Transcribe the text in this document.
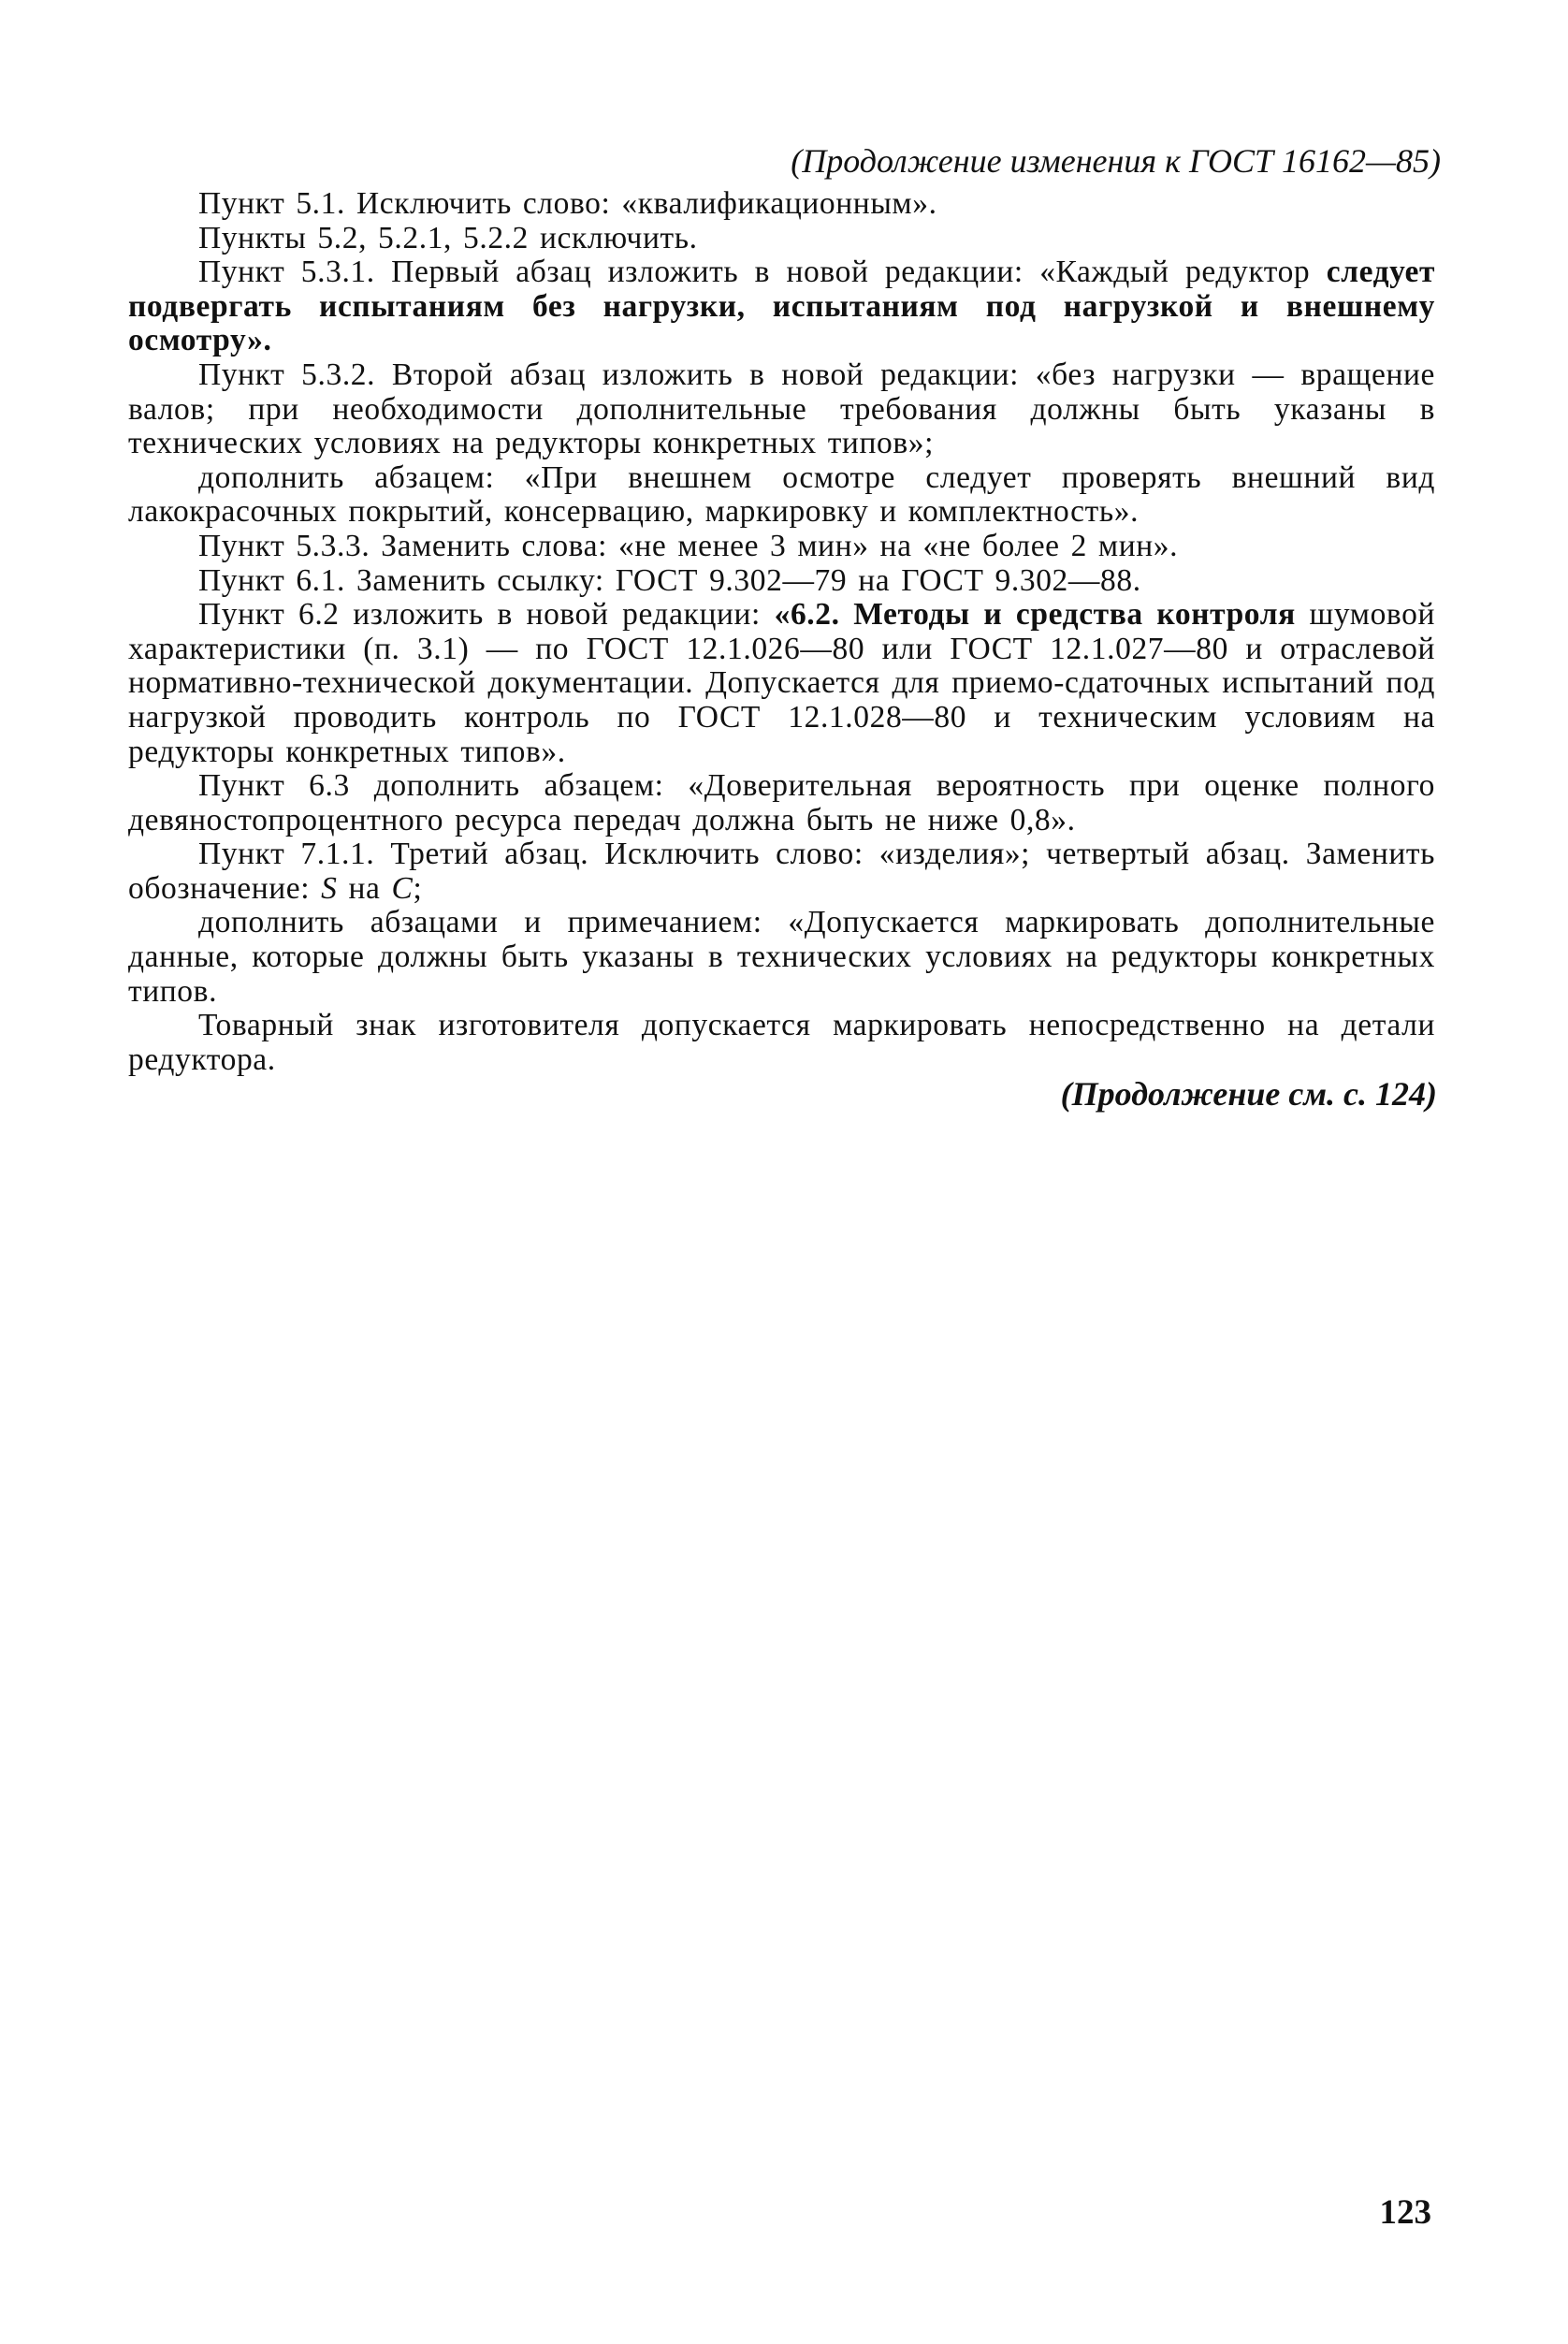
(Продолжение изменения к ГОСТ 16162—85)

Пункт 5.1. Исключить слово: «квалификационным».

Пункты 5.2, 5.2.1, 5.2.2 исключить.

Пункт 5.3.1. Первый абзац изложить в новой редакции: «Каждый редуктор следует подвергать испытаниям без нагрузки, испытаниям под нагрузкой и внешнему осмотру».

Пункт 5.3.2. Второй абзац изложить в новой редакции: «без нагрузки — вращение валов; при необходимости дополнительные требования должны быть указаны в технических условиях на редукторы конкретных типов»;

дополнить абзацем: «При внешнем осмотре следует проверять внешний вид лакокрасочных покрытий, консервацию, маркировку и комплектность».

Пункт 5.3.3. Заменить слова: «не менее 3 мин» на «не более 2 мин».

Пункт 6.1. Заменить ссылку: ГОСТ 9.302—79 на ГОСТ 9.302—88.

Пункт 6.2 изложить в новой редакции: «6.2. Методы и средства контроля шумовой характеристики (п. 3.1) — по ГОСТ 12.1.026—80 или ГОСТ 12.1.027—80 и отраслевой нормативно-технической документации. Допускается для приемо-сдаточных испытаний под нагрузкой проводить контроль по ГОСТ 12.1.028—80 и техническим условиям на редукторы конкретных типов».

Пункт 6.3 дополнить абзацем: «Доверительная вероятность при оценке полного девяностопроцентного ресурса передач должна быть не ниже 0,8».

Пункт 7.1.1. Третий абзац. Исключить слово: «изделия»; четвертый абзац. Заменить обозначение: S на С;

дополнить абзацами и примечанием: «Допускается маркировать дополнительные данные, которые должны быть указаны в технических условиях на редукторы конкретных типов.

Товарный знак изготовителя допускается маркировать непосредственно на детали редуктора.

(Продолжение см. с. 124)
123
